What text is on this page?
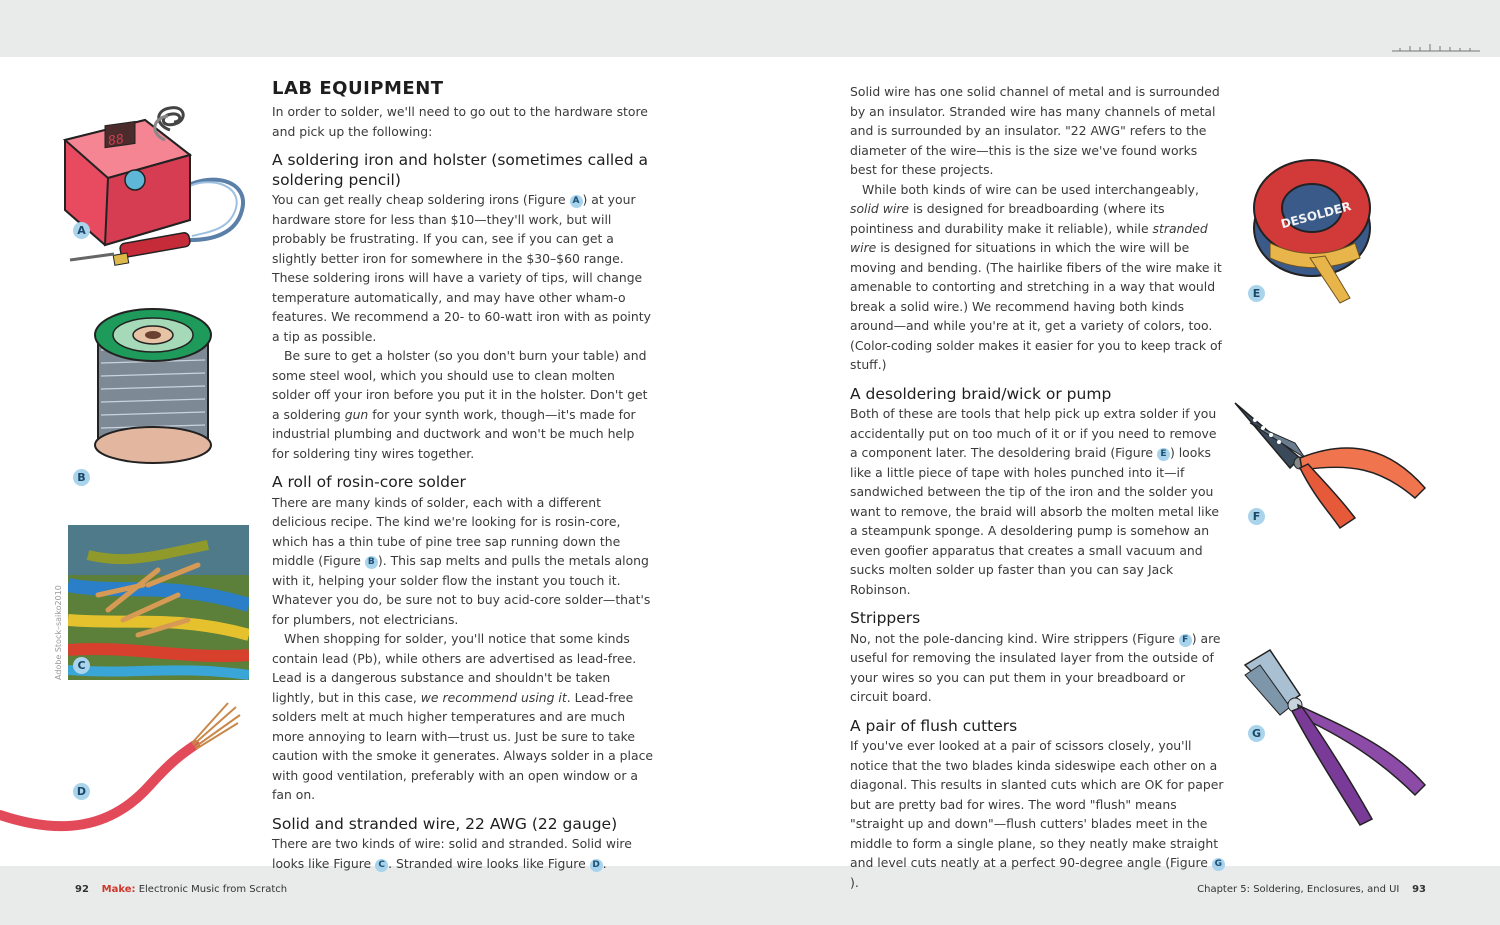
88
A
B
C
Adobe Stock–saiko2010
D
DESOLDER
E
F
G
LAB EQUIPMENT

In order to solder, we'll need to go out to the hardware store and pick up the following:

A soldering iron and holster (sometimes called a soldering pencil)

You can get really cheap soldering irons (Figure A ) at your hardware store for less than $10—they'll work, but will probably be frustrating. If you can, see if you can get a slightly better iron for somewhere in the $30–$60 range. These soldering irons will have a variety of tips, will change temperature automatically, and may have other wham-o features. We recommend a 20- to 60-watt iron with as pointy a tip as possible.

Be sure to get a holster (so you don't burn your table) and some steel wool, which you should use to clean molten solder off your iron before you put it in the holster. Don't get a soldering gun for your synth work, though—it's made for industrial plumbing and ductwork and won't be much help for soldering tiny wires together.

A roll of rosin-core solder

There are many kinds of solder, each with a different delicious recipe. The kind we're looking for is rosin-core, which has a thin tube of pine tree sap running down the middle (Figure B ). This sap melts and pulls the metals along with it, helping your solder flow the instant you touch it. Whatever you do, be sure not to buy acid-core solder—that's for plumbers, not electricians.

When shopping for solder, you'll notice that some kinds contain lead (Pb), while others are advertised as lead-free. Lead is a dangerous substance and shouldn't be taken lightly, but in this case, we recommend using it. Lead-free solders melt at much higher temperatures and are much more annoying to learn with—trust us. Just be sure to take caution with the smoke it generates. Always solder in a place with good ventilation, preferably with an open window or a fan on.

Solid and stranded wire, 22 AWG (22 gauge)

There are two kinds of wire: solid and stranded. Solid wire looks like Figure C . Stranded wire looks like Figure D .

Solid wire has one solid channel of metal and is surrounded by an insulator. Stranded wire has many channels of metal and is surrounded by an insulator. "22 AWG" refers to the diameter of the wire—this is the size we've found works best for these projects.

While both kinds of wire can be used interchangeably, solid wire is designed for breadboarding (where its pointiness and durability make it reliable), while stranded wire is designed for situations in which the wire will be moving and bending. (The hairlike fibers of the wire make it amenable to contorting and stretching in a way that would break a solid wire.) We recommend having both kinds around—and while you're at it, get a variety of colors, too. (Color-coding solder makes it easier for you to keep track of stuff.)

A desoldering braid/wick or pump

Both of these are tools that help pick up extra solder if you accidentally put on too much of it or if you need to remove a component later. The desoldering braid (Figure E ) looks like a little piece of tape with holes punched into it—if sandwiched between the tip of the iron and the solder you want to remove, the braid will absorb the molten metal like a steampunk sponge. A desoldering pump is somehow an even goofier apparatus that creates a small vacuum and sucks molten solder up faster than you can say Jack Robinson.

Strippers

No, not the pole-dancing kind. Wire strippers (Figure F ) are useful for removing the insulated layer from the outside of your wires so you can put them in your breadboard or circuit board.

A pair of flush cutters

If you've ever looked at a pair of scissors closely, you'll notice that the two blades kinda sideswipe each other on a diagonal. This results in slanted cuts which are OK for paper but are pretty bad for wires. The word "flush" means "straight up and down"—flush cutters' blades meet in the middle to form a single plane, so they neatly make straight and level cuts neatly at a perfect 90-degree angle (Figure G).

92 Make: Electronic Music from Scratch	Chapter 5: Soldering, Enclosures, and UI 93
